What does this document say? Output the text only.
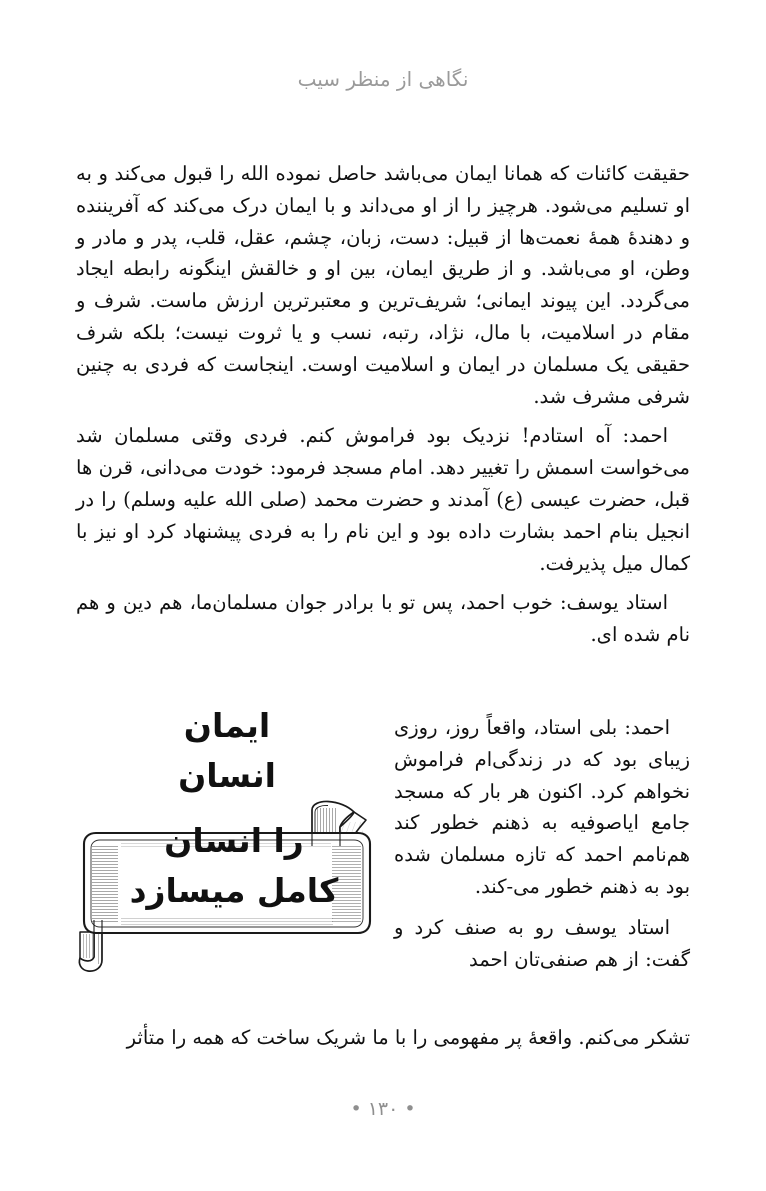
نگاهی از منظر سیب

حقیقت کائنات که همانا ایمان می‌باشد حاصل نموده الله را قبول می‌کند و به او تسلیم می‌شود. هرچیز را از او می‌داند و با ایمان درک می‌کند که آفریننده و دهندهٔ همهٔ نعمت‌ها از قبیل: دست، زبان، چشم، عقل، قلب، پدر و مادر و وطن، او می‌باشد. و از طریق ایمان، بین او و خالقش اینگونه رابطه ایجاد می‌گردد. این پیوند ایمانی؛ شریف‌ترین و معتبرترین ارزش ماست. شرف و مقام در اسلامیت، با مال، نژاد، رتبه، نسب و یا ثروت نیست؛ بلکه شرف حقیقی یک مسلمان در ایمان و اسلامیت اوست. اینجاست که فردی به چنین شرفی مشرف شد.

احمد: آه استادم! نزدیک بود فراموش کنم. فردی وقتی مسلمان شد می‌خواست اسمش را تغییر دهد. امام مسجد فرمود: خودت می‌دانی، قرن ها قبل، حضرت عیسی (ع) آمدند و حضرت محمد (صلی الله علیه وسلم) را در انجیل بنام احمد بشارت داده بود و این نام را به فردی پیشنهاد کرد او نیز با کمال میل پذیرفت.

استاد یوسف: خوب احمد، پس تو با برادر جوان مسلمان‌ما، هم دین و هم نام شده ای.

احمد: بلی استاد، واقعاً روز، روزی زیبای بود که در زندگی‌ام فراموش نخواهم کرد. اکنون هر بار که مسجد جامع ایاصوفیه به ذهنم خطور کند هم‌نامم احمد که تازه مسلمان شده بود به ذهنم خطور می‌-کند.

استاد یوسف رو به صنف کرد و گفت: از هم صنفی‌تان احمد

ایمان
انسان
را انسان
کامل میسازد

تشکر می‌کنم. واقعهٔ پر مفهومی را با ما شریک ساخت که همه را متأثر

• ۱۳۰ •
